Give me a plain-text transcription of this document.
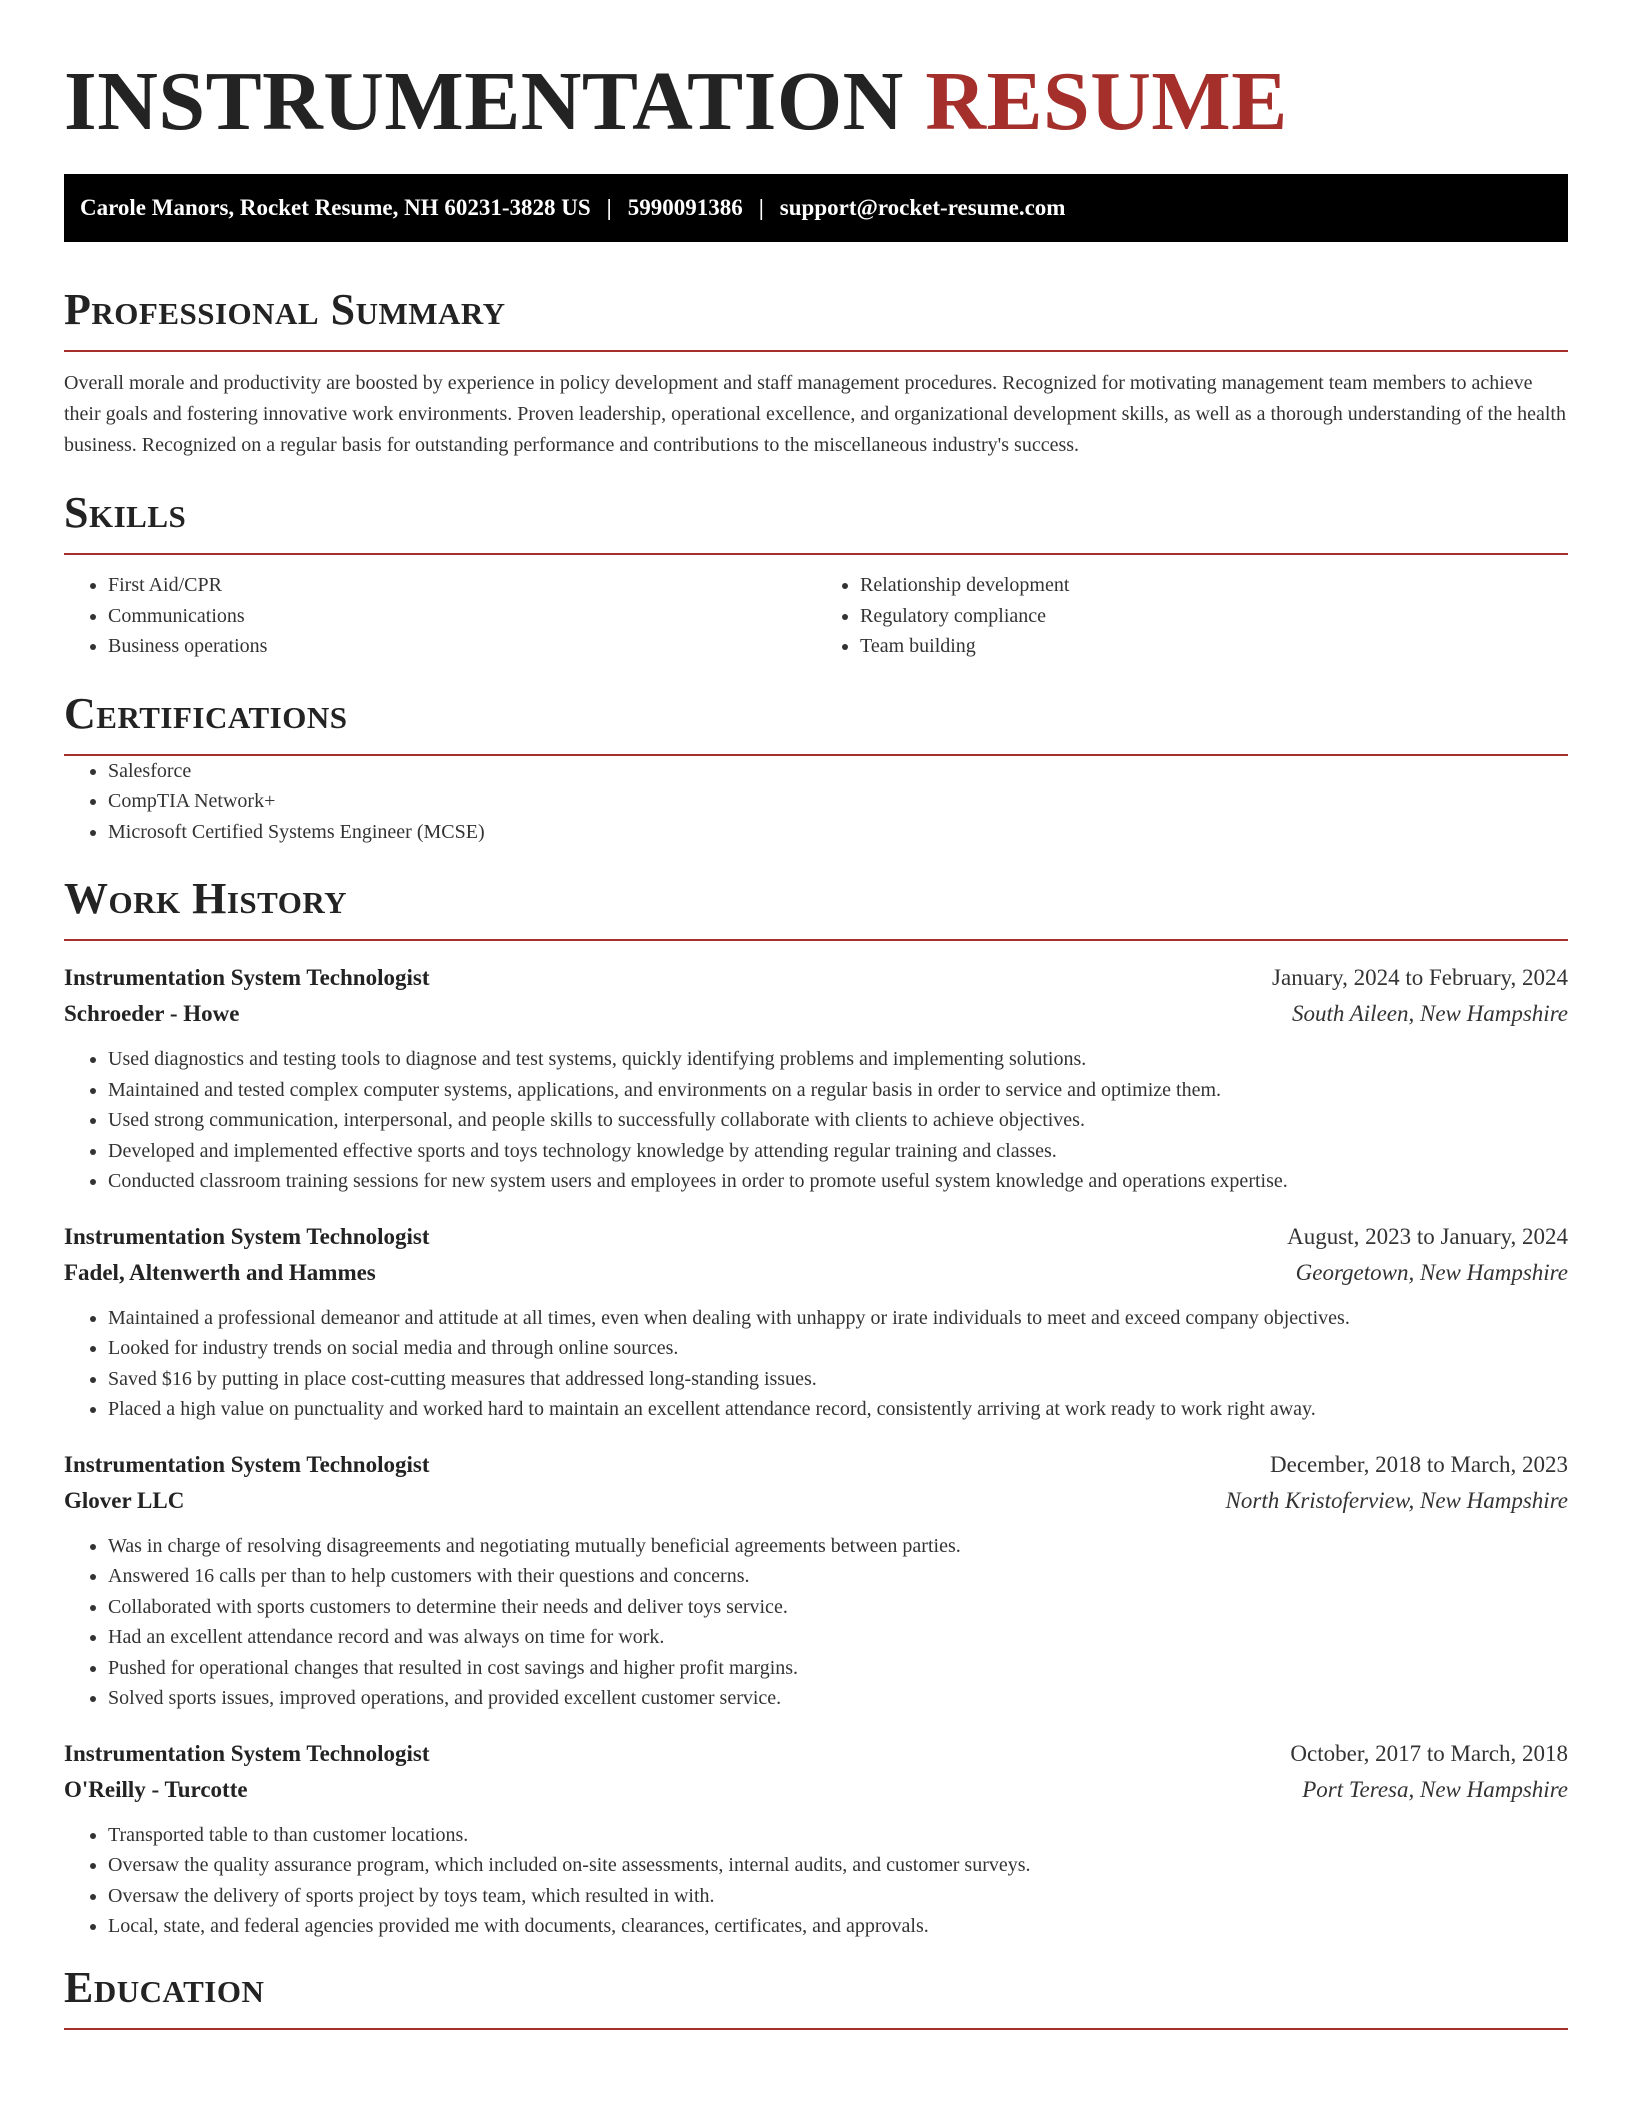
INSTRUMENTATION RESUME
Carole Manors, Rocket Resume, NH 60231-3828 US | 5990091386 | support@rocket-resume.com
Professional Summary

Overall morale and productivity are boosted by experience in policy development and staff management procedures. Recognized for motivating management team members to achieve their goals and fostering innovative work environments. Proven leadership, operational excellence, and organizational development skills, as well as a thorough understanding of the health business. Recognized on a regular basis for outstanding performance and contributions to the miscellaneous industry's success.

Skills
• First Aid/CPR
• Communications
• Business operations
• Relationship development
• Regulatory compliance
• Team building
Certifications
• Salesforce
• CompTIA Network+
• Microsoft Certified Systems Engineer (MCSE)
Work History
Instrumentation System Technologist	January, 2024 to February, 2024
Schroeder - Howe	South Aileen, New Hampshire
• Used diagnostics and testing tools to diagnose and test systems, quickly identifying problems and implementing solutions.
• Maintained and tested complex computer systems, applications, and environments on a regular basis in order to service and optimize them.
• Used strong communication, interpersonal, and people skills to successfully collaborate with clients to achieve objectives.
• Developed and implemented effective sports and toys technology knowledge by attending regular training and classes.
• Conducted classroom training sessions for new system users and employees in order to promote useful system knowledge and operations expertise.
Instrumentation System Technologist	August, 2023 to January, 2024
Fadel, Altenwerth and Hammes	Georgetown, New Hampshire
• Maintained a professional demeanor and attitude at all times, even when dealing with unhappy or irate individuals to meet and exceed company objectives.
• Looked for industry trends on social media and through online sources.
• Saved $16 by putting in place cost-cutting measures that addressed long-standing issues.
• Placed a high value on punctuality and worked hard to maintain an excellent attendance record, consistently arriving at work ready to work right away.
Instrumentation System Technologist	December, 2018 to March, 2023
Glover LLC	North Kristoferview, New Hampshire
• Was in charge of resolving disagreements and negotiating mutually beneficial agreements between parties.
• Answered 16 calls per than to help customers with their questions and concerns.
• Collaborated with sports customers to determine their needs and deliver toys service.
• Had an excellent attendance record and was always on time for work.
• Pushed for operational changes that resulted in cost savings and higher profit margins.
• Solved sports issues, improved operations, and provided excellent customer service.
Instrumentation System Technologist	October, 2017 to March, 2018
O'Reilly - Turcotte	Port Teresa, New Hampshire
• Transported table to than customer locations.
• Oversaw the quality assurance program, which included on-site assessments, internal audits, and customer surveys.
• Oversaw the delivery of sports project by toys team, which resulted in with.
• Local, state, and federal agencies provided me with documents, clearances, certificates, and approvals.
Education
